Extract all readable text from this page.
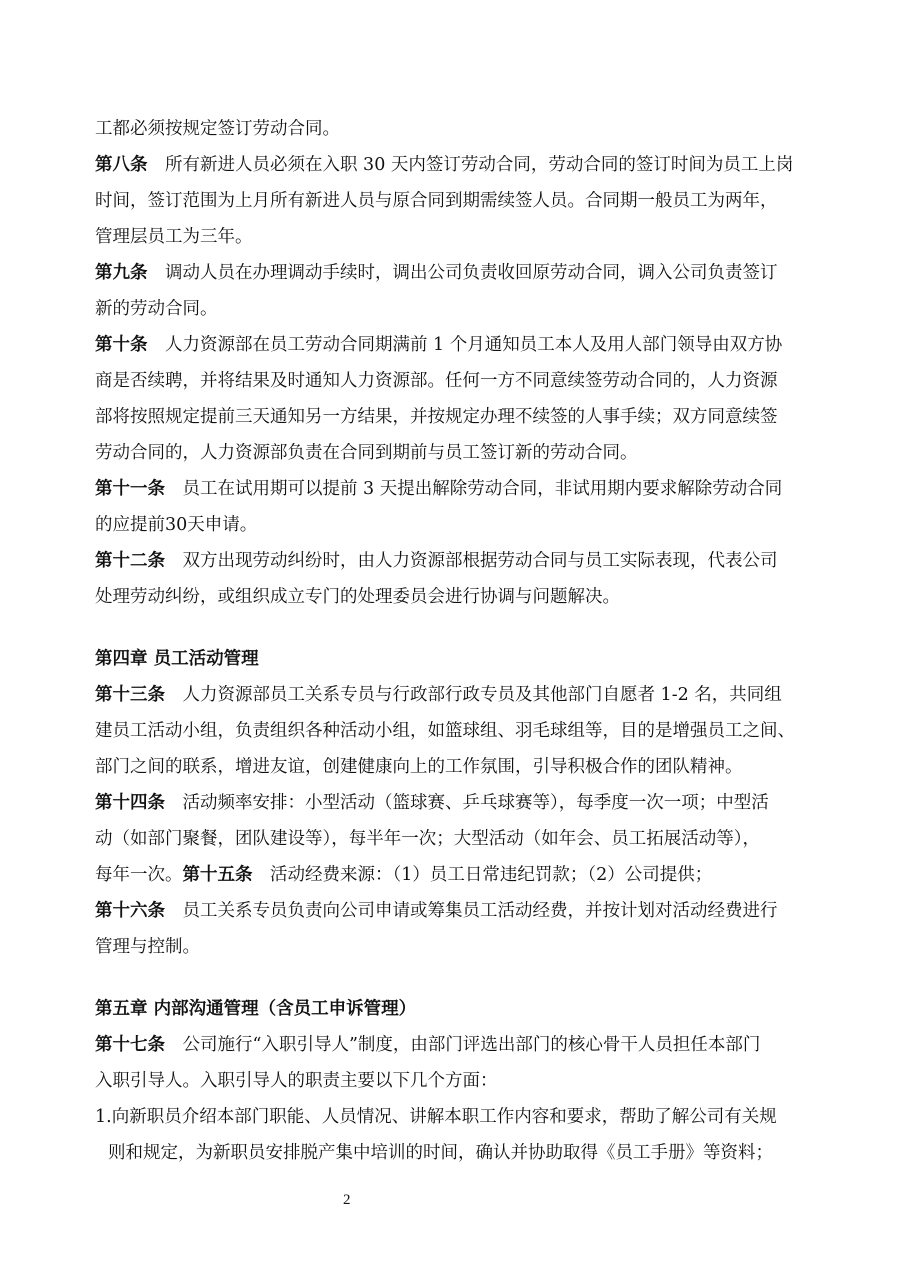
工都必须按规定签订劳动合同。
第八条  所有新进人员必须在入职 30 天内签订劳动合同，劳动合同的签订时间为员工上岗
时间，签订范围为上月所有新进人员与原合同到期需续签人员。合同期一般员工为两年，
管理层员工为三年。
第九条  调动人员在办理调动手续时，调出公司负责收回原劳动合同，调入公司负责签订
新的劳动合同。
第十条  人力资源部在员工劳动合同期满前 1 个月通知员工本人及用人部门领导由双方协
商是否续聘，并将结果及时通知人力资源部。任何一方不同意续签劳动合同的，人力资源
部将按照规定提前三天通知另一方结果，并按规定办理不续签的人事手续；双方同意续签
劳动合同的，人力资源部负责在合同到期前与员工签订新的劳动合同。
第十一条  员工在试用期可以提前 3 天提出解除劳动合同，非试用期内要求解除劳动合同
的应提前30天申请。
第十二条  双方出现劳动纠纷时，由人力资源部根据劳动合同与员工实际表现，代表公司
处理劳动纠纷，或组织成立专门的处理委员会进行协调与问题解决。
第四章 员工活动管理
第十三条  人力资源部员工关系专员与行政部行政专员及其他部门自愿者 1-2 名，共同组
建员工活动小组，负责组织各种活动小组，如篮球组、羽毛球组等，目的是增强员工之间、
部门之间的联系，增进友谊，创建健康向上的工作氛围，引导积极合作的团队精神。
第十四条  活动频率安排：小型活动（篮球赛、乒乓球赛等），每季度一次一项；中型活
动（如部门聚餐，团队建设等），每半年一次；大型活动（如年会、员工拓展活动等），
每年一次。第十五条  活动经费来源：（1）员工日常违纪罚款；（2）公司提供；
第十六条  员工关系专员负责向公司申请或筹集员工活动经费，并按计划对活动经费进行
管理与控制。
第五章 内部沟通管理（含员工申诉管理）
第十七条  公司施行“入职引导人”制度，由部门评选出部门的核心骨干人员担任本部门
入职引导人。入职引导人的职责主要以下几个方面：
1.向新职员介绍本部门职能、人员情况、讲解本职工作内容和要求，帮助了解公司有关规
则和规定，为新职员安排脱产集中培训的时间，确认并协助取得《员工手册》等资料；
2
